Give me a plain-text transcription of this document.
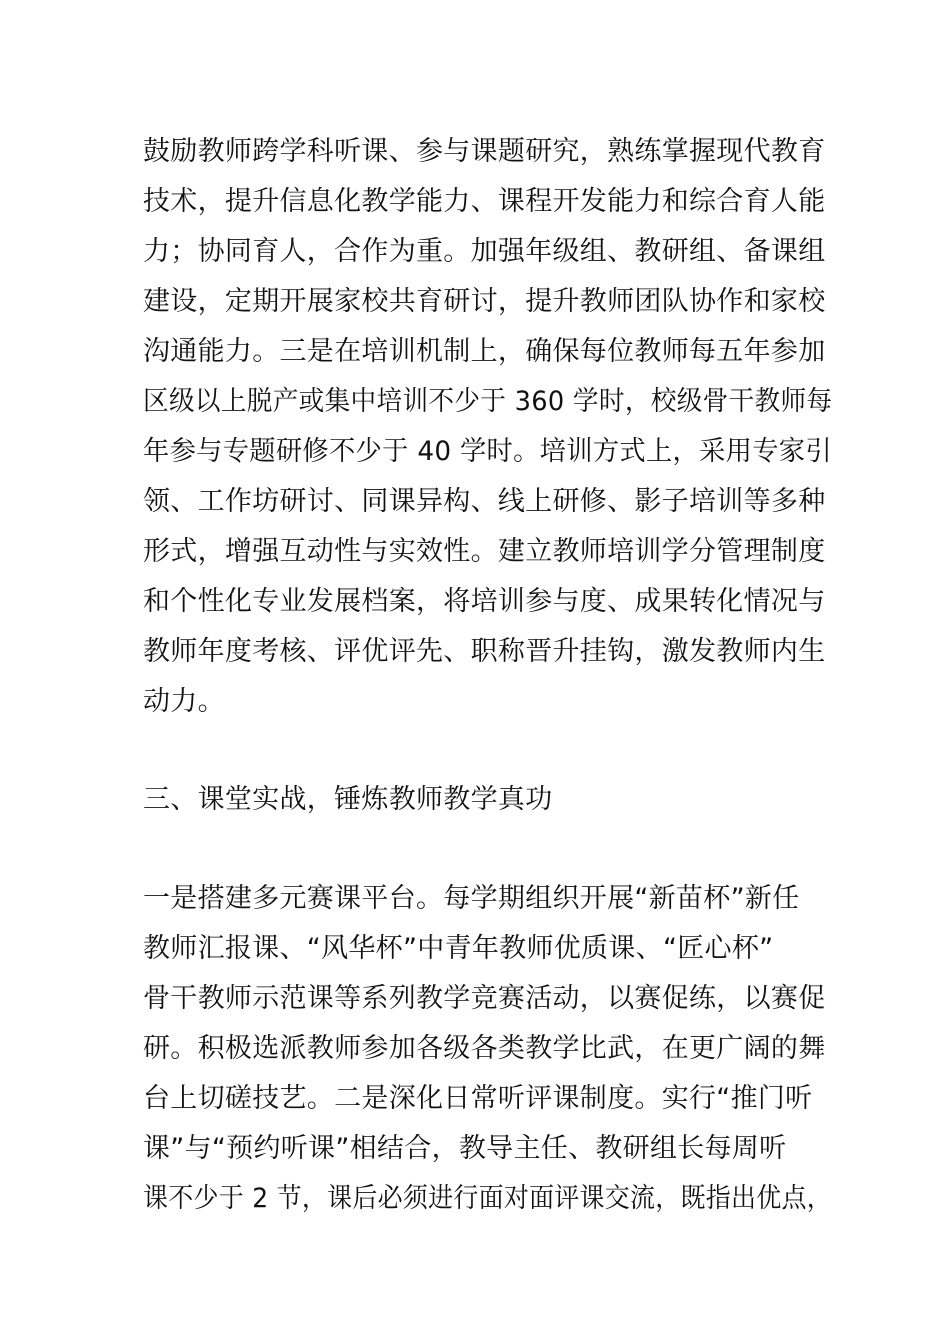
鼓励教师跨学科听课、参与课题研究，熟练掌握现代教育
技术，提升信息化教学能力、课程开发能力和综合育人能
力；协同育人，合作为重。加强年级组、教研组、备课组
建设，定期开展家校共育研讨，提升教师团队协作和家校
沟通能力。三是在培训机制上，确保每位教师每五年参加
区级以上脱产或集中培训不少于 360 学时，校级骨干教师每
年参与专题研修不少于 40 学时。培训方式上，采用专家引
领、工作坊研讨、同课异构、线上研修、影子培训等多种
形式，增强互动性与实效性。建立教师培训学分管理制度
和个性化专业发展档案，将培训参与度、成果转化情况与
教师年度考核、评优评先、职称晋升挂钩，激发教师内生
动力。
三、课堂实战，锤炼教师教学真功
一是搭建多元赛课平台。每学期组织开展“新苗杯”新任
教师汇报课、“风华杯”中青年教师优质课、“匠心杯”
骨干教师示范课等系列教学竞赛活动，以赛促练，以赛促
研。积极选派教师参加各级各类教学比武，在更广阔的舞
台上切磋技艺。二是深化日常听评课制度。实行“推门听
课”与“预约听课”相结合，教导主任、教研组长每周听
课不少于 2 节，课后必须进行面对面评课交流，既指出优点，
